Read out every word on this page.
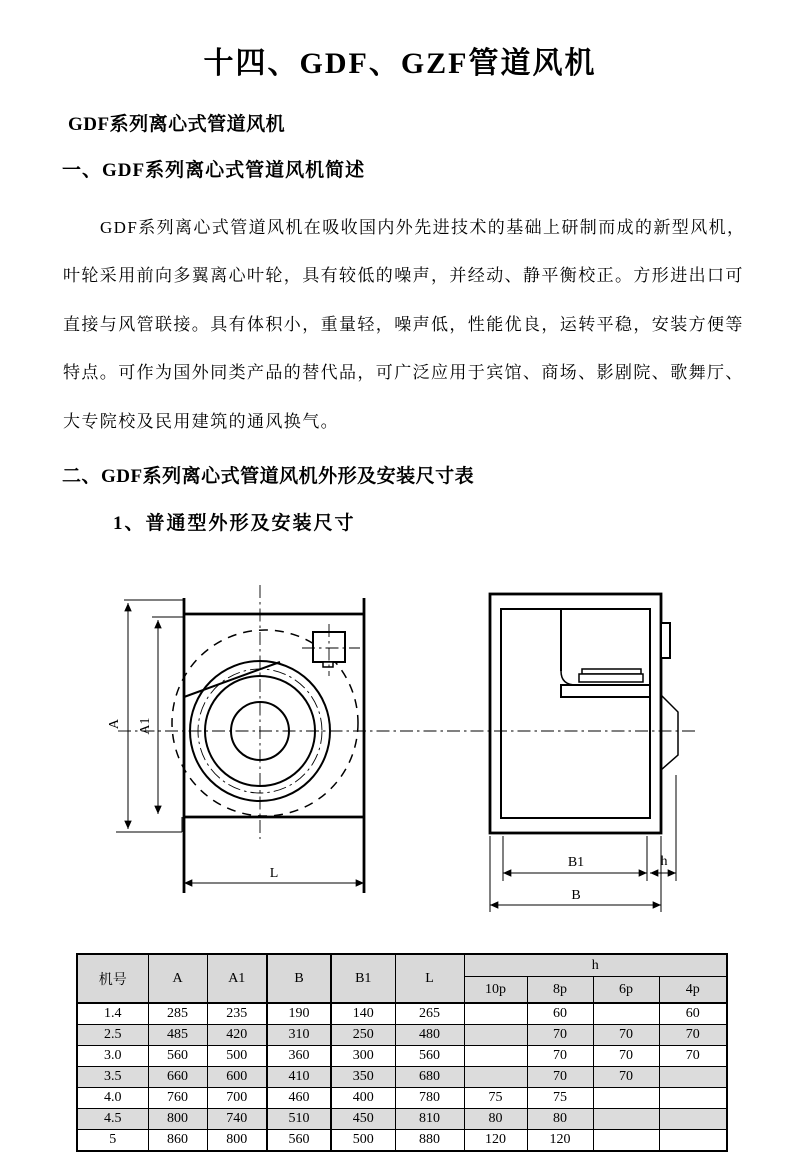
十四、GDF、GZF管道风机
GDF系列离心式管道风机
一、GDF系列离心式管道风机简述
GDF系列离心式管道风机在吸收国内外先进技术的基础上研制而成的新型风机，
叶轮采用前向多翼离心叶轮，具有较低的噪声，并经动、静平衡校正。方形进出口可
直接与风管联接。具有体积小，重量轻，噪声低，性能优良，运转平稳，安装方便等
特点。可作为国外同类产品的替代品，可广泛应用于宾馆、商场、影剧院、歌舞厅、
大专院校及民用建筑的通风换气。
二、GDF系列离心式管道风机外形及安装尺寸表
1、普通型外形及安装尺寸
A A1
L
B1	h
B
机号	A	A1	B	B1	L	h			
						10p	8p	6p	4p
1.4	285	235	190	140	265		60		60
2.5	485	420	310	250	480		70	70	70
3.0	560	500	360	300	560		70	70	70
3.5	660	600	410	350	680		70	70	
4.0	760	700	460	400	780	75	75		
4.5	800	740	510	450	810	80	80		
5	860	800	560	500	880	120	120		
